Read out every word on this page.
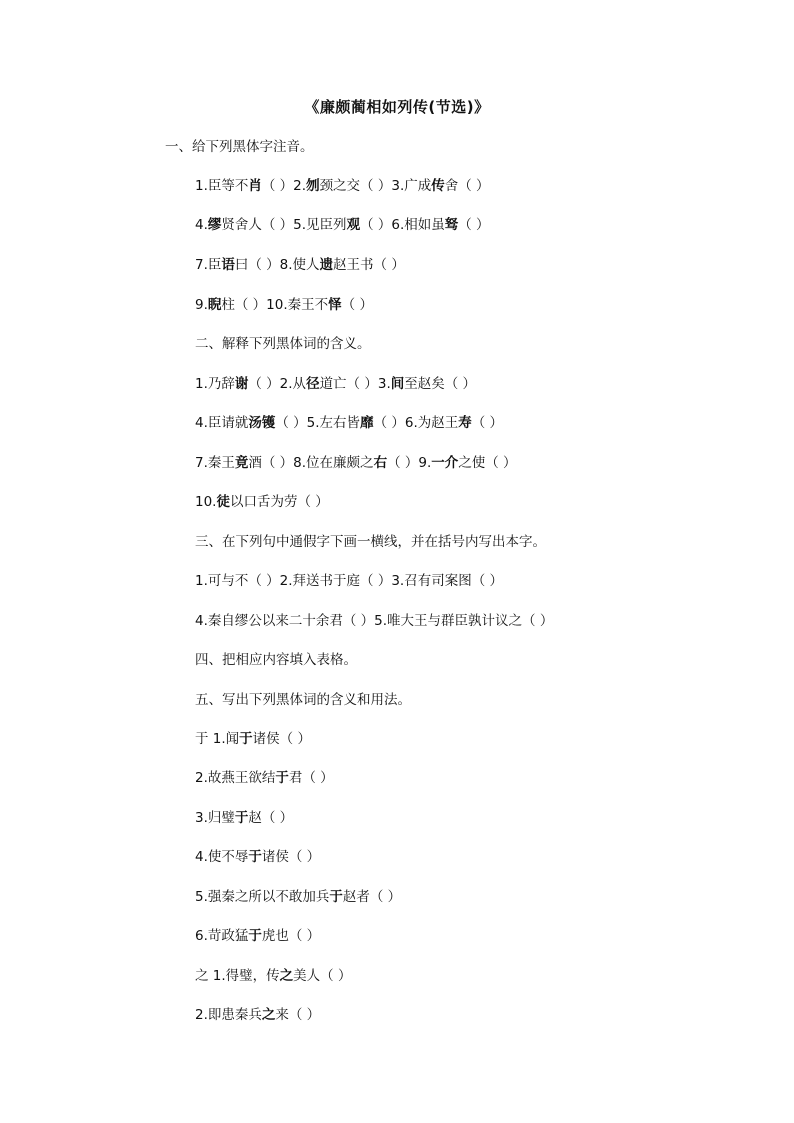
《廉颇蔺相如列传(节选)》
一、给下列黑体字注音。
1.臣等不肖（ ）2.刎颈之交（ ）3.广成传舍（ ）
4.缪贤舍人（ ）5.见臣列观（ ）6.相如虽驽（ ）
7.臣语曰（ ）8.使人遗赵王书（ ）
9.睨柱（ ）10.秦王不怿（ ）
二、解释下列黑体词的含义。
1.乃辞谢（ ）2.从径道亡（ ）3.间至赵矣（ ）
4.臣请就汤镬（ ）5.左右皆靡（ ）6.为赵王寿（ ）
7.秦王竟酒（ ）8.位在廉颇之右（ ）9.一介之使（ ）
10.徒以口舌为劳（ ）
三、在下列句中通假字下画一横线，并在括号内写出本字。
1.可与不（ ）2.拜送书于庭（ ）3.召有司案图（ ）
4.秦自缪公以来二十余君（ ）5.唯大王与群臣孰计议之（ ）
四、把相应内容填入表格。
五、写出下列黑体词的含义和用法。
于 1.闻于诸侯（ ）
2.故燕王欲结于君（ ）
3.归璧于赵（ ）
4.使不辱于诸侯（ ）
5.强秦之所以不敢加兵于赵者（ ）
6.苛政猛于虎也（ ）
之 1.得璧，传之美人（ ）
2.即患秦兵之来（ ）
